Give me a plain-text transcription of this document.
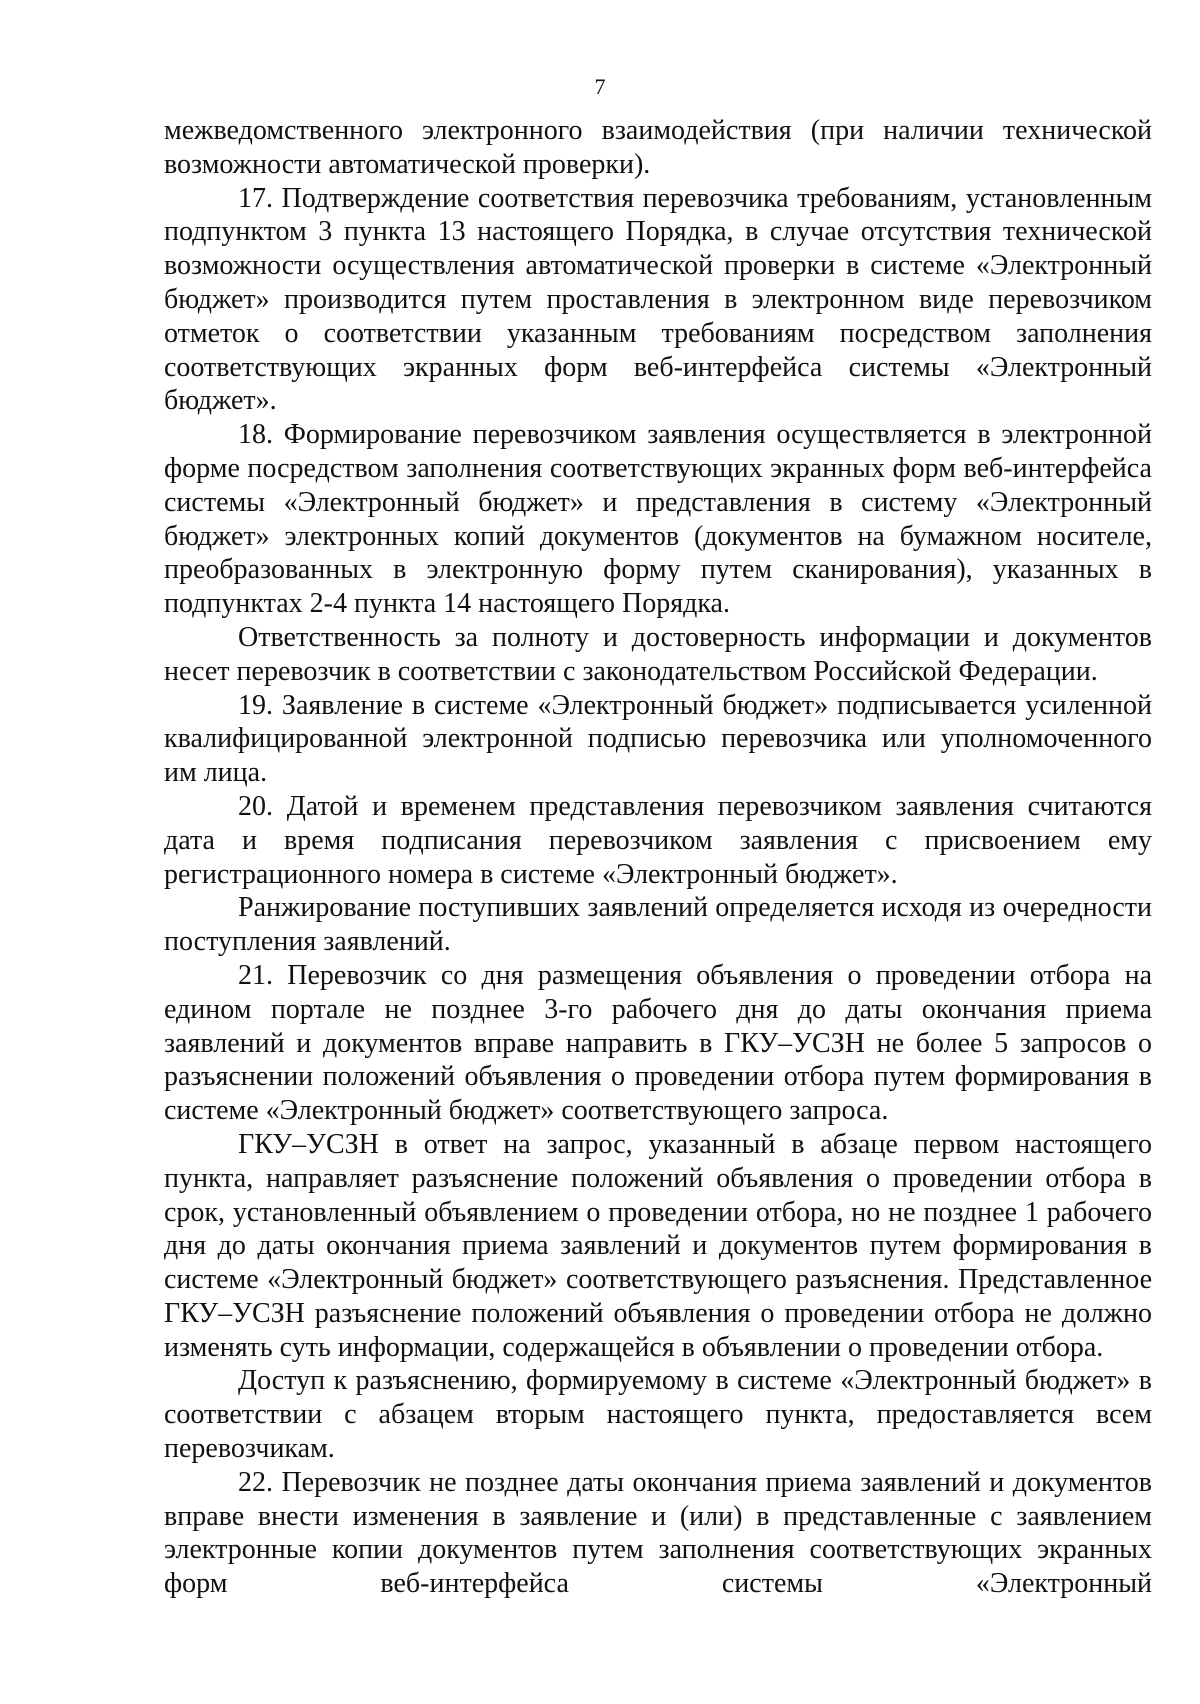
7

межведомственного электронного взаимодействия (при наличии технической возможности автоматической проверки).

17. Подтверждение соответствия перевозчика требованиям, установленным подпунктом 3 пункта 13 настоящего Порядка, в случае отсутствия технической возможности осуществления автоматической проверки в системе «Электронный бюджет» производится путем проставления в электронном виде перевозчиком отметок о соответствии указанным требованиям посредством заполнения соответствующих экранных форм веб-интерфейса системы «Электронный бюджет».

18. Формирование перевозчиком заявления осуществляется в электронной форме посредством заполнения соответствующих экранных форм веб-интерфейса системы «Электронный бюджет» и представления в систему «Электронный бюджет» электронных копий документов (документов на бумажном носителе, преобразованных в электронную форму путем сканирования), указанных в подпунктах 2-4 пункта 14 настоящего Порядка.

Ответственность за полноту и достоверность информации и документов несет перевозчик в соответствии с законодательством Российской Федерации.

19. Заявление в системе «Электронный бюджет» подписывается усиленной квалифицированной электронной подписью перевозчика или уполномоченного им лица.

20. Датой и временем представления перевозчиком заявления считаются дата и время подписания перевозчиком заявления с присвоением ему регистрационного номера в системе «Электронный бюджет».

Ранжирование поступивших заявлений определяется исходя из очередности поступления заявлений.

21. Перевозчик со дня размещения объявления о проведении отбора на едином портале не позднее 3-го рабочего дня до даты окончания приема заявлений и документов вправе направить в ГКУ–УСЗН не более 5 запросов о разъяснении положений объявления о проведении отбора путем формирования в системе «Электронный бюджет» соответствующего запроса.

ГКУ–УСЗН в ответ на запрос, указанный в абзаце первом настоящего пункта, направляет разъяснение положений объявления о проведении отбора в срок, установленный объявлением о проведении отбора, но не позднее 1 рабочего дня до даты окончания приема заявлений и документов путем формирования в системе «Электронный бюджет» соответствующего разъяснения. Представленное ГКУ–УСЗН разъяснение положений объявления о проведении отбора не должно изменять суть информации, содержащейся в объявлении о проведении отбора.

Доступ к разъяснению, формируемому в системе «Электронный бюджет» в соответствии с абзацем вторым настоящего пункта, предоставляется всем перевозчикам.

22. Перевозчик не позднее даты окончания приема заявлений и документов вправе внести изменения в заявление и (или) в представленные с заявлением электронные копии документов путем заполнения соответствующих экранных форм веб-интерфейса системы «Электронный
